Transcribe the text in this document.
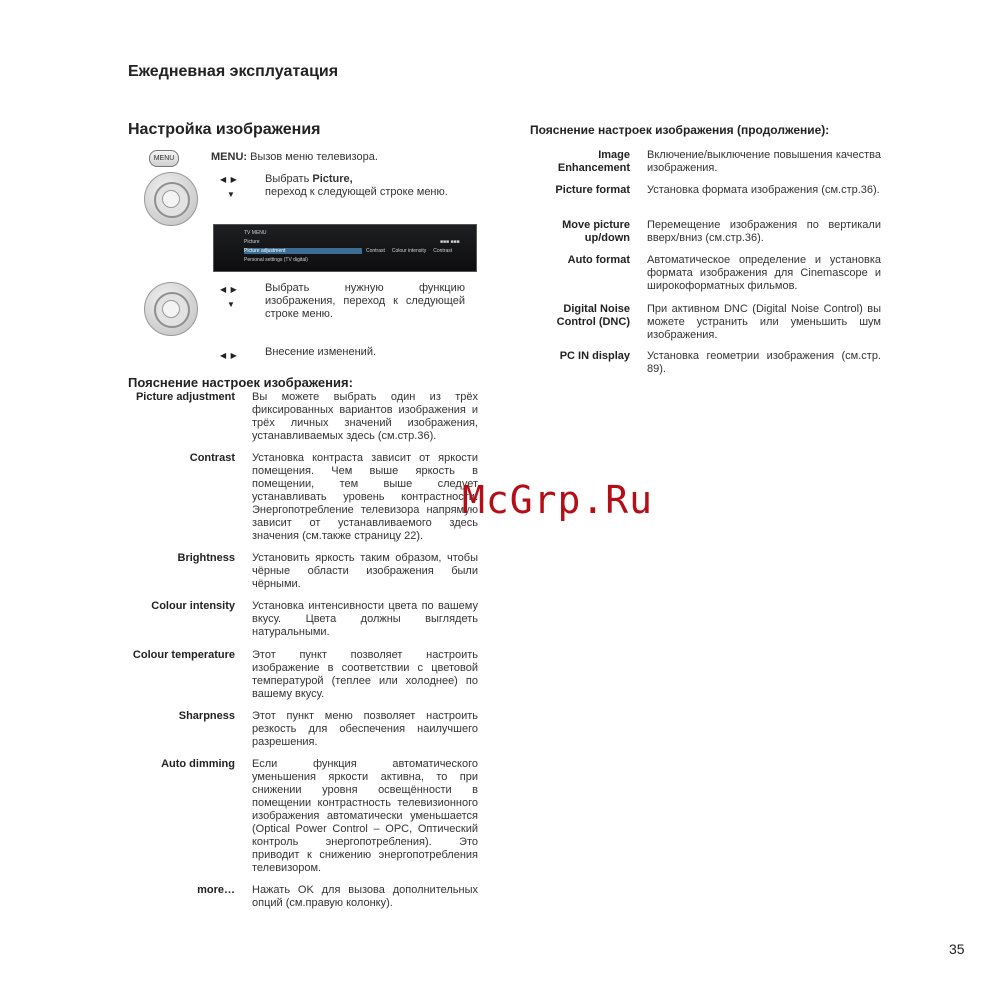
Ежедневная эксплуатация
Настройка изображения
MENU	MENU: Вызов меню телевизора.
◀  ▶
▼
Выбрать Picture,
переход к следующей строке меню.
TV MENU
Picture
Picture adjustment
Personal settings (TV digital)
■■■ ■■■
Contrast     Colour intensity     Contrast
◀  ▶
▼
Выбрать нужную функцию изображения, переход к следующей строке меню.
◀  ▶	Внесение изменений.
Пояснение настроек изображения:
Picture adjustment Вы можете выбрать один из трёх фиксированных вариантов изображения и трёх личных значений изображения, устанавливаемых здесь (см.стр.36).
Contrast Установка контраста зависит от яркости помещения. Чем выше яркость в помещении, тем выше следует устанавливать уровень контрастности. Энергопотребление телевизора напрямую зависит от устанавливаемого здесь значения (см.также страницу 22).
Brightness Установить яркость таким образом, чтобы чёрные области изображения были чёрными.
Colour intensity Установка интенсивности цвета по вашему вкусу. Цвета должны выглядеть натуральными.
Colour temperature Этот пункт позволяет настроить изображение в соответствии с цветовой температурой (теплее или холоднее) по вашему вкусу.
Sharpness Этот пункт меню позволяет настроить резкость для обеспечения наилучшего разрешения.
Auto dimming Если функция автоматического уменьшения яркости активна, то при снижении уровня освещённости в помещении контрастность телевизионного изображения автоматически уменьшается (Optical Power Control – OPC, Оптический контроль энергопотребления). Это приводит к снижению энергопотребления телевизором.
more… Нажать OK для вызова дополнительных опций (см.правую колонку).
Пояснение настроек изображения (продолжение):
Image Enhancement
Включение/выключение повышения качества изображения.
Picture format Установка формата изображения (см.стр.36).
Move picture up/down
Перемещение изображения по вертикали вверх/вниз (см.стр.36).
Auto format Автоматическое определение и установка формата изображения для Cinemascope и широкоформатных фильмов.
Digital Noise Control (DNC)
При активном DNC (Digital Noise Control) вы можете устранить или уменьшить шум изображения.
PC IN display Установка геометрии изображения (см.стр. 89).
McGrp.Ru
35
